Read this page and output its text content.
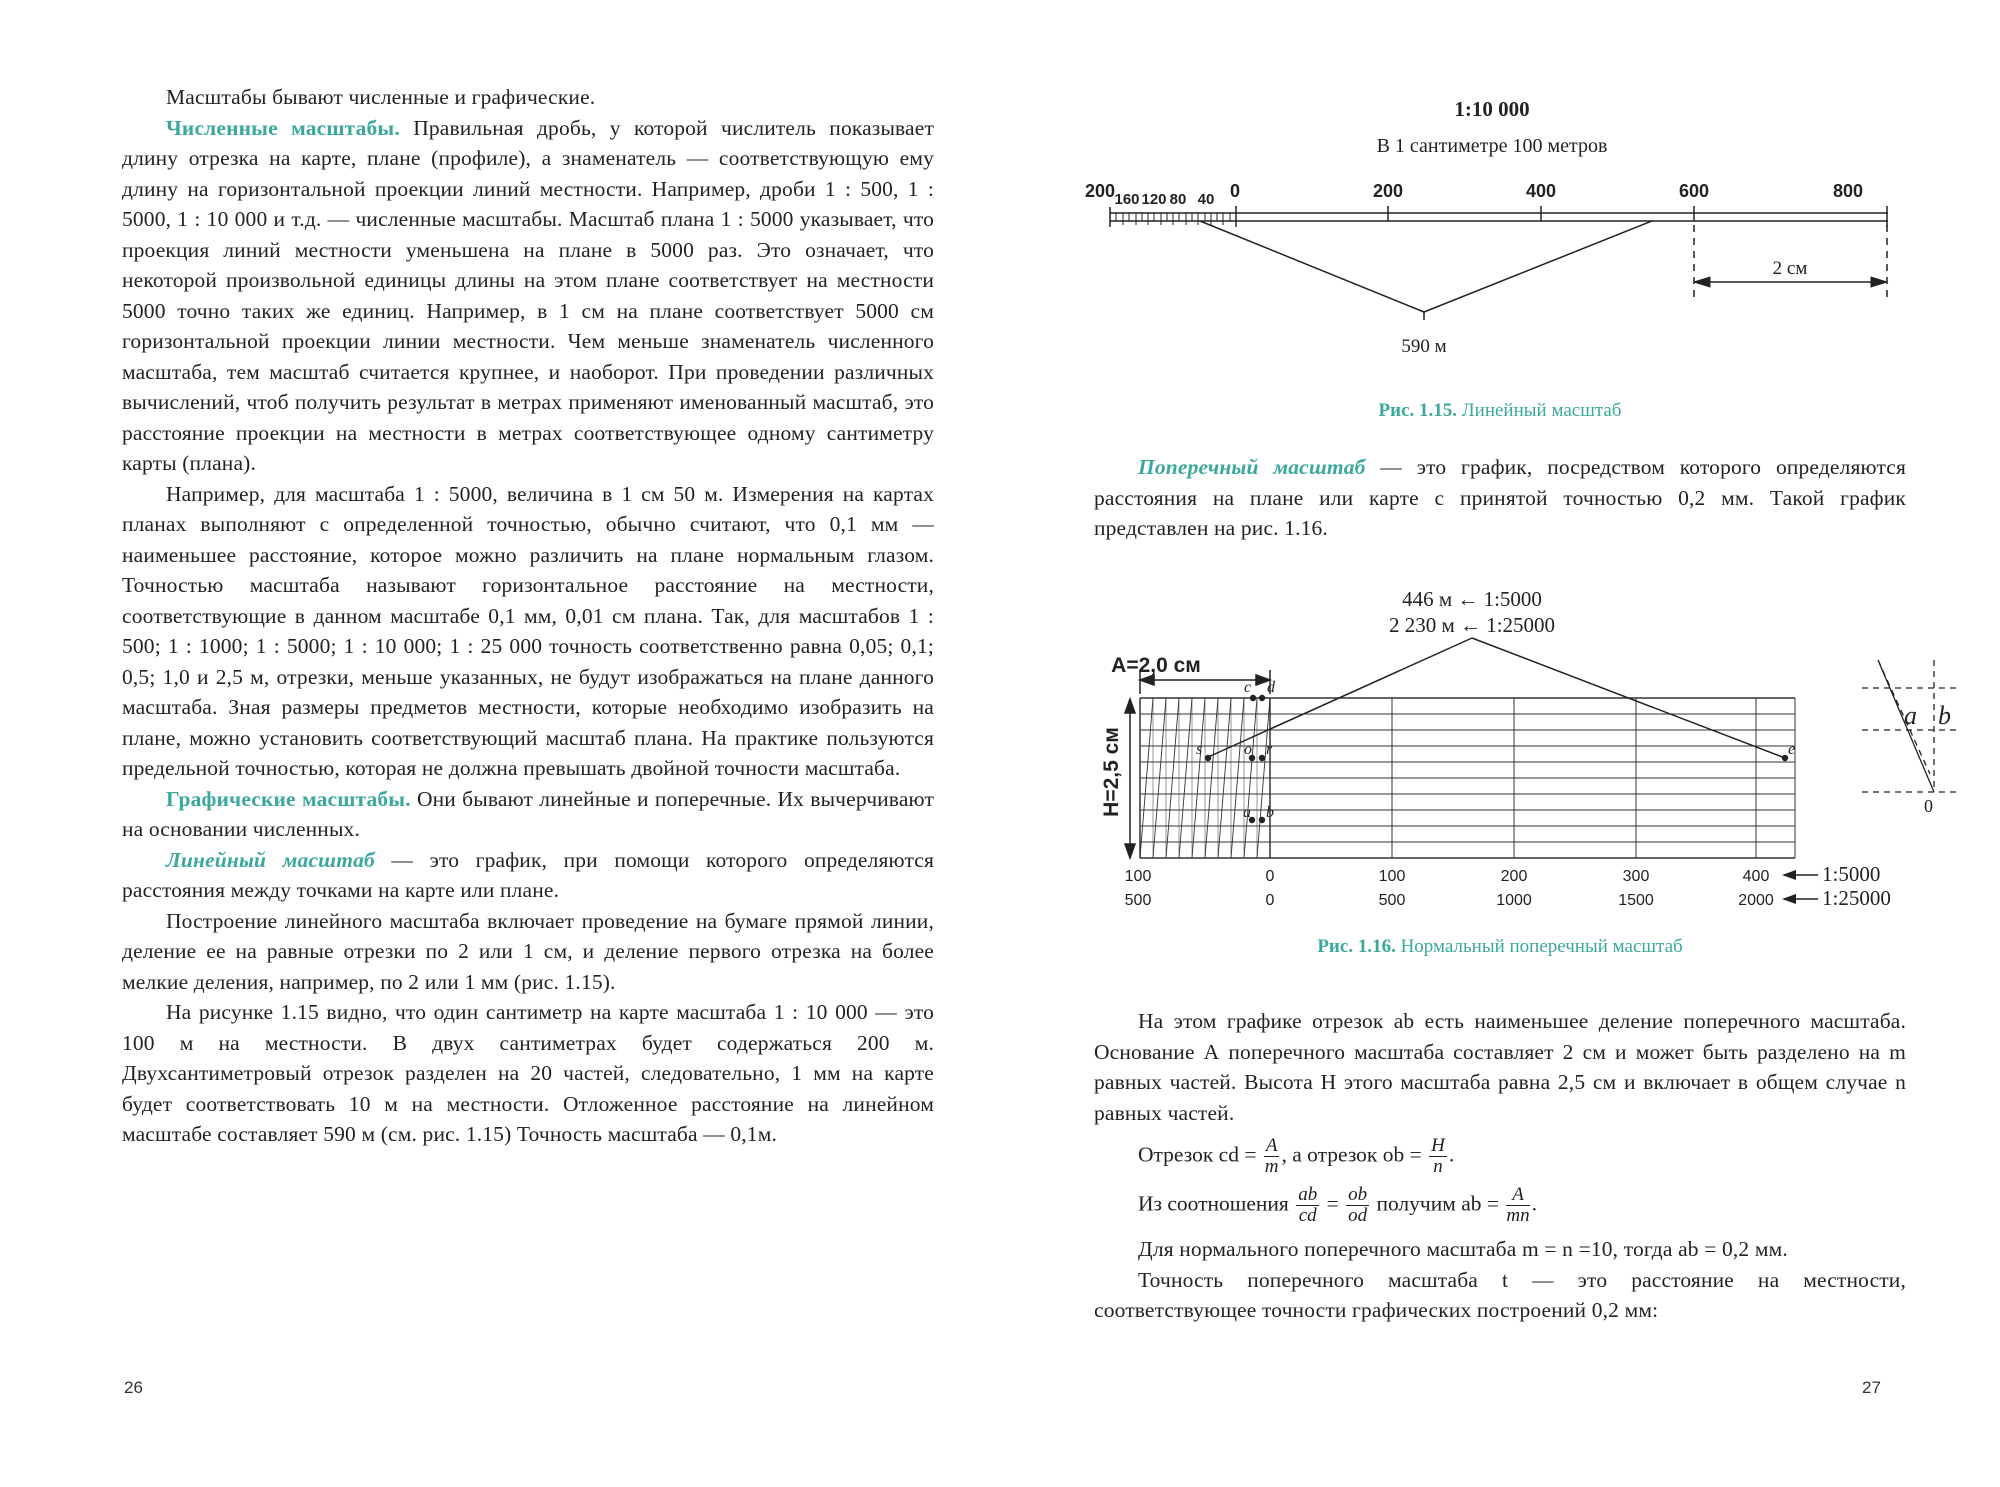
Масштабы бывают численные и графические.

Численные масштабы. Правильная дробь, у которой числитель показывает длину отрезка на карте, плане (профиле), а знаменатель — соответствующую ему длину на горизонтальной проекции линий местности. Например, дроби 1 : 500, 1 : 5000, 1 : 10 000 и т.д. — численные масштабы. Масштаб плана 1 : 5000 указывает, что проекция линий местности уменьшена на плане в 5000 раз. Это означает, что некоторой произвольной единицы длины на этом плане соответствует на местности 5000 точно таких же единиц. Например, в 1 см на плане соответствует 5000 см горизонтальной проекции линии местности. Чем меньше знаменатель численного масштаба, тем масштаб считается крупнее, и наоборот. При проведении различных вычислений, чтоб получить результат в метрах применяют именованный масштаб, это расстояние проекции на местности в метрах соответствующее одному сантиметру карты (плана).

Например, для масштаба 1 : 5000, величина в 1 см 50 м. Измерения на картах планах выполняют с определенной точностью, обычно считают, что 0,1 мм — наименьшее расстояние, которое можно различить на плане нормальным глазом. Точностью масштаба называют горизонтальное расстояние на местности, соответствующие в данном масштабе 0,1 мм, 0,01 см плана. Так, для масштабов 1 : 500; 1 : 1000; 1 : 5000; 1 : 10 000; 1 : 25 000 точность соответственно равна 0,05; 0,1; 0,5; 1,0 и 2,5 м, отрезки, меньше указанных, не будут изображаться на плане данного масштаба. Зная размеры предметов местности, которые необходимо изобразить на плане, можно установить соответствующий масштаб плана. На практике пользуются предельной точностью, которая не должна превышать двойной точности масштаба.

Графические масштабы. Они бывают линейные и поперечные. Их вычерчивают на основании численных.

Линейный масштаб — это график, при помощи которого определяются расстояния между точками на карте или плане.

Построение линейного масштаба включает проведение на бумаге прямой линии, деление ее на равные отрезки по 2 или 1 см, и деление первого отрезка на более мелкие деления, например, по 2 или 1 мм (рис. 1.15).

На рисунке 1.15 видно, что один сантиметр на карте масштаба 1 : 10 000 — это 100 м на местности. В двух сантиметрах будет содержаться 200 м. Двухсантиметровый отрезок разделен на 20 частей, следовательно, 1 мм на карте будет соответствовать 10 м на местности. Отложенное расстояние на линейном масштабе составляет 590 м (см. рис. 1.15) Точность масштаба — 0,1м.

26
1:10 000
В 1 сантиметре 100 метров
200 160 120 80 40 0	200	400	600	800
590 м
2 см
Рис. 1.15. Линейный масштаб

Поперечный масштаб — это график, посредством которого определяются расстояния на плане или карте с принятой точностью 0,2 мм. Такой график представлен на рис. 1.16.

446 м ← 1:5000
2 230 м ← 1:25000
A=2,0 см
H=2,5 см
c d
s	o r	e
a b
100	0	100	200	300	400
500	0	500	1000	1500	2000
1:5000
1:25000
a b
0
Рис. 1.16. Нормальный поперечный масштаб

На этом графике отрезок ab есть наименьшее деление поперечного масштаба. Основание А поперечного масштаба составляет 2 см и может быть разделено на m равных частей. Высота Н этого масштаба равна 2,5 см и включает в общем случае n равных частей.

Отрезок cd = $\frac{A}{m}$ , а отрезок ob = $\frac{H}{n}$ .
Из соотношения $\frac{ab}{cd} = \frac{ob}{od}$ получим ab = $\frac{A}{mn}$ .

Для нормального поперечного масштаба m = n =10, тогда ab = 0,2 мм.

Точность поперечного масштаба t — это расстояние на местности, соответствующее точности графических построений 0,2 мм:

27
